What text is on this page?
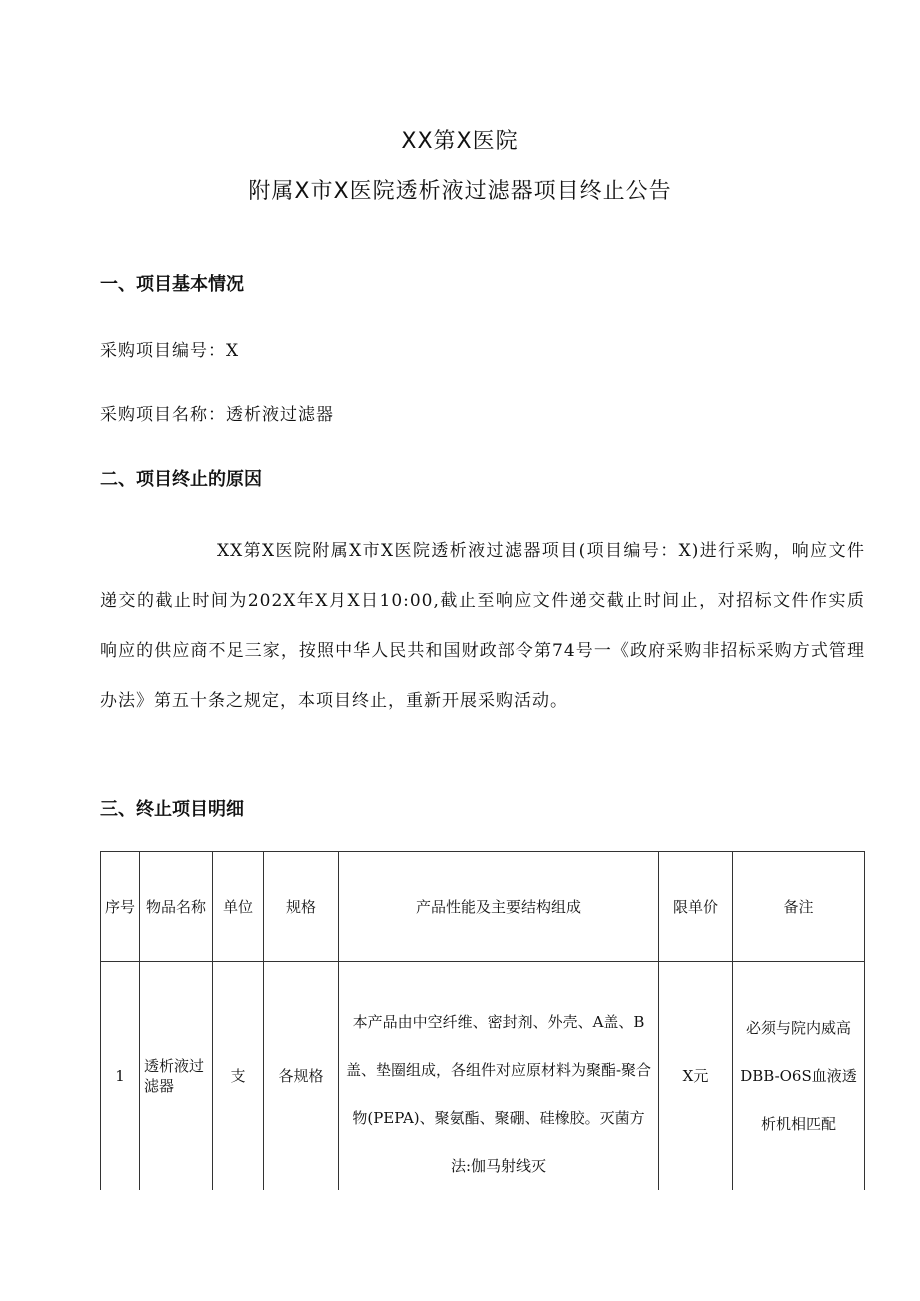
XX第X医院
附属X市X医院透析液过滤器项目终止公告
一、项目基本情况
采购项目编号：X
采购项目名称：透析液过滤器
二、项目终止的原因
XX第X医院附属X市X医院透析液过滤器项目(项目编号：X)进行采购，响应文件递交的截止时间为202X年X月X日10:00,截止至响应文件递交截止时间止，对招标文件作实质响应的供应商不足三家，按照中华人民共和国财政部令第74号一《政府采购非招标采购方式管理办法》第五十条之规定，本项目终止，重新开展采购活动。
三、终止项目明细
序号	物品名称	单位	规格	产品性能及主要结构组成	限单价	备注
1	透析液过滤器	支	各规格	本产品由中空纤维、密封剂、外壳、A盖、B盖、垫圈组成，各组件对应原材料为聚酯-聚合物(PEPA)、聚氨酯、聚硼、硅橡胶。灭菌方法:伽马射线灭	X元	必须与院内威高DBB-O6S血液透析机相匹配
